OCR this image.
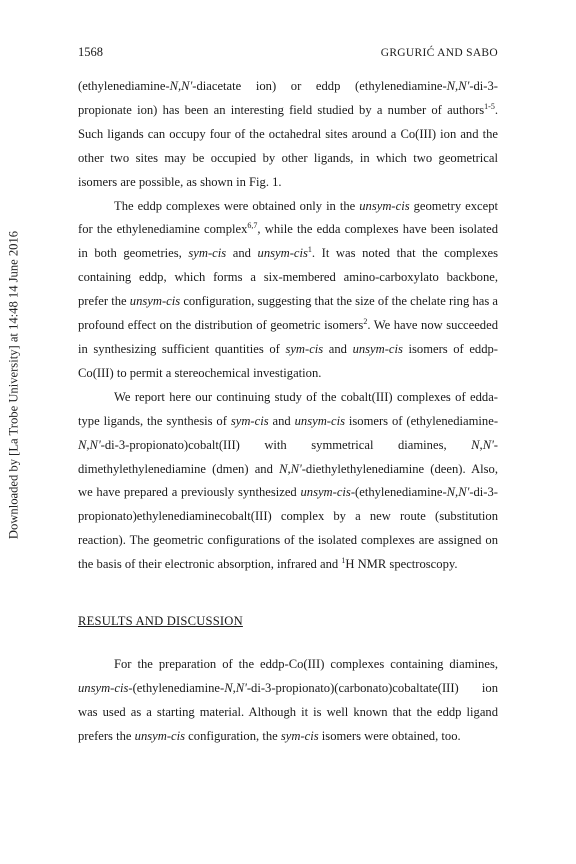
Downloaded by [La Trobe University] at 14:48 14 June 2016
1568	GRGURIĆ AND SABO

(ethylenediamine-N,N'-diacetate ion) or eddp (ethylenediamine-N,N'-di-3-propionate ion) has been an interesting field studied by a number of authors$^{1-5}$. Such ligands can occupy four of the octahedral sites around a Co(III) ion and the other two sites may be occupied by other ligands, in which two geometrical isomers are possible, as shown in Fig. 1.

The eddp complexes were obtained only in the unsym-cis geometry except for the ethylenediamine complex$^{6,7}$, while the edda complexes have been isolated in both geometries, sym-cis and unsym-cis$^1$. It was noted that the complexes containing eddp, which forms a six-membered amino-carboxylato backbone, prefer the unsym-cis configuration, suggesting that the size of the chelate ring has a profound effect on the distribution of geometric isomers$^2$. We have now succeeded in synthesizing sufficient quantities of sym-cis and unsym-cis isomers of eddp-Co(III) to permit a stereochemical investigation.

We report here our continuing study of the cobalt(III) complexes of edda-type ligands, the synthesis of sym-cis and unsym-cis isomers of (ethylenediamine-N,N'-di-3-propionato)cobalt(III) with symmetrical diamines, N,N'-dimethylethylenediamine (dmen) and N,N'-diethylethylenediamine (deen). Also, we have prepared a previously synthesized unsym-cis-(ethylenediamine-N,N'-di-3-propionato)ethylenediaminecobalt(III) complex by a new route (substitution reaction). The geometric configurations of the isolated complexes are assigned on the basis of their electronic absorption, infrared and $^1$H NMR spectroscopy.

RESULTS AND DISCUSSION

For the preparation of the eddp-Co(III) complexes containing diamines, unsym-cis-(ethylenediamine-N,N'-di-3-propionato)(carbonato)cobaltate(III) ion was used as a starting material. Although it is well known that the eddp ligand prefers the unsym-cis configuration, the sym-cis isomers were obtained, too.
